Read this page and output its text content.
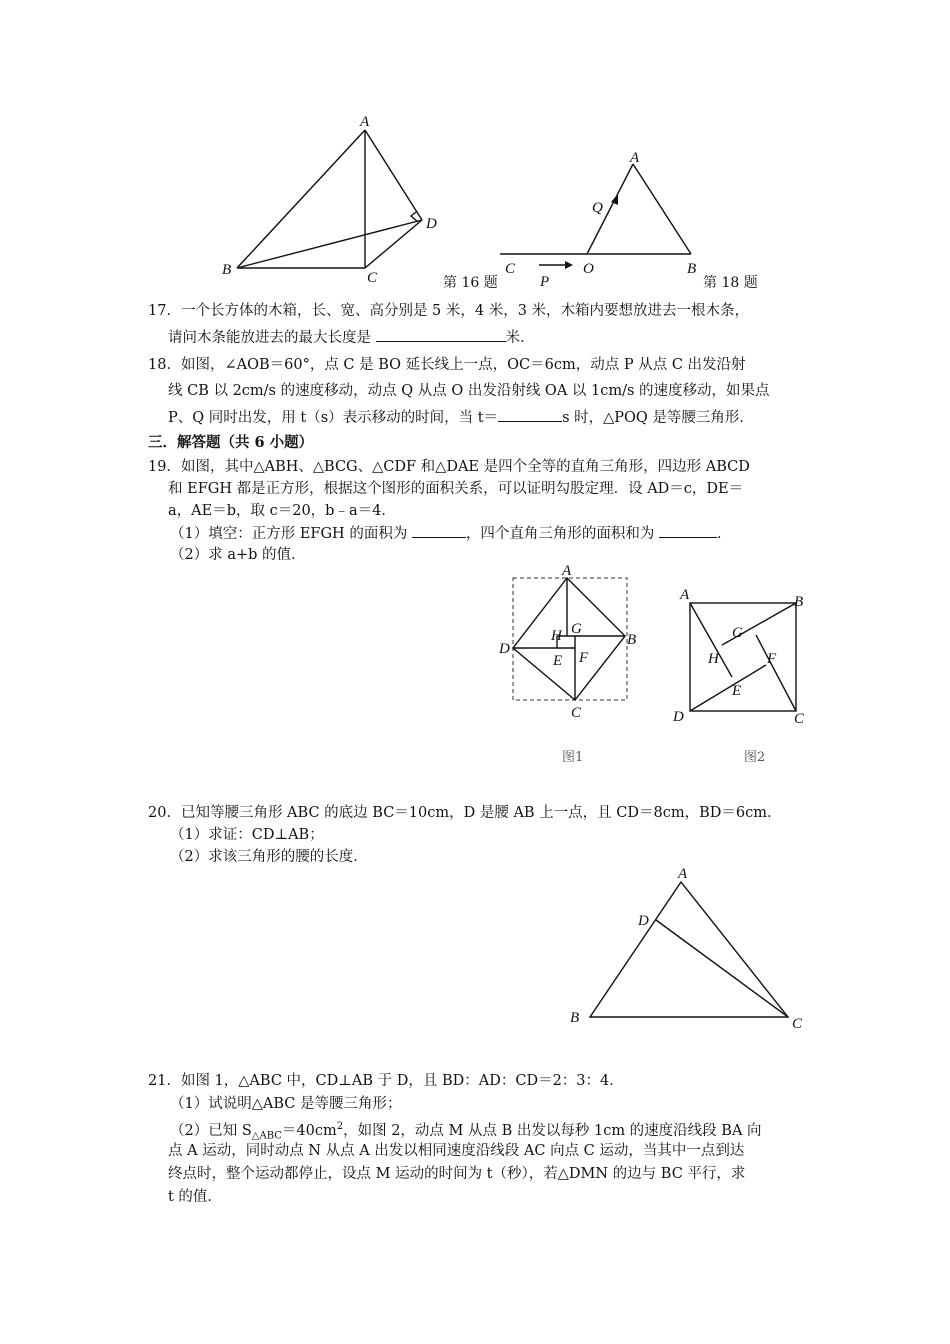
A
B	C
D
第 16 题
A
Q
C
P
O	B
第 18 题
17．一个长方体的木箱，长、宽、高分别是 5 米，4 米，3 米，木箱内要想放进去一根木条，
请问木条能放进去的最大长度是	米．
18．如图，∠AOB＝60°，点 C 是 BO 延长线上一点，OC＝6cm，动点 P 从点 C 出发沿射
线 CB 以 2cm/s 的速度移动，动点 Q 从点 O 出发沿射线 OA 以 1cm/s 的速度移动，如果点
P、Q 同时出发，用 t（s）表示移动的时间，当 t＝	s 时，△POQ 是等腰三角形．
三．解答题（共 6 小题）
19．如图，其中△ABH、△BCG、△CDF 和△DAE 是四个全等的直角三角形，四边形 ABCD
和 EFGH 都是正方形，根据这个图形的面积关系，可以证明勾股定理．设 AD＝c，DE＝
a，AE＝b，取 c＝20，b﹣a＝4．
（1）填空：正方形 EFGH 的面积为	，四个直角三角形的面积和为	．
（2）求 a+b 的值．
A
B
C
D
E F
G
H
图1
A	B
C
D
E
F
G
H
图2
20．已知等腰三角形 ABC 的底边 BC＝10cm，D 是腰 AB 上一点，且 CD＝8cm，BD＝6cm．
（1）求证：CD⊥AB；
（2）求该三角形的腰的长度．
A
B	C
D
21．如图 1，△ABC 中，CD⊥AB 于 D，且 BD：AD：CD＝2：3：4．
（1）试说明△ABC 是等腰三角形；
（2）已知 $S_{\triangle ABC}=40cm^2$，如图 2，动点 M 从点 B 出发以每秒 1cm 的速度沿线段 BA 向
点 A 运动，同时动点 N 从点 A 出发以相同速度沿线段 AC 向点 C 运动，当其中一点到达
终点时，整个运动都停止，设点 M 运动的时间为 t（秒），若△DMN 的边与 BC 平行，求
t 的值．
